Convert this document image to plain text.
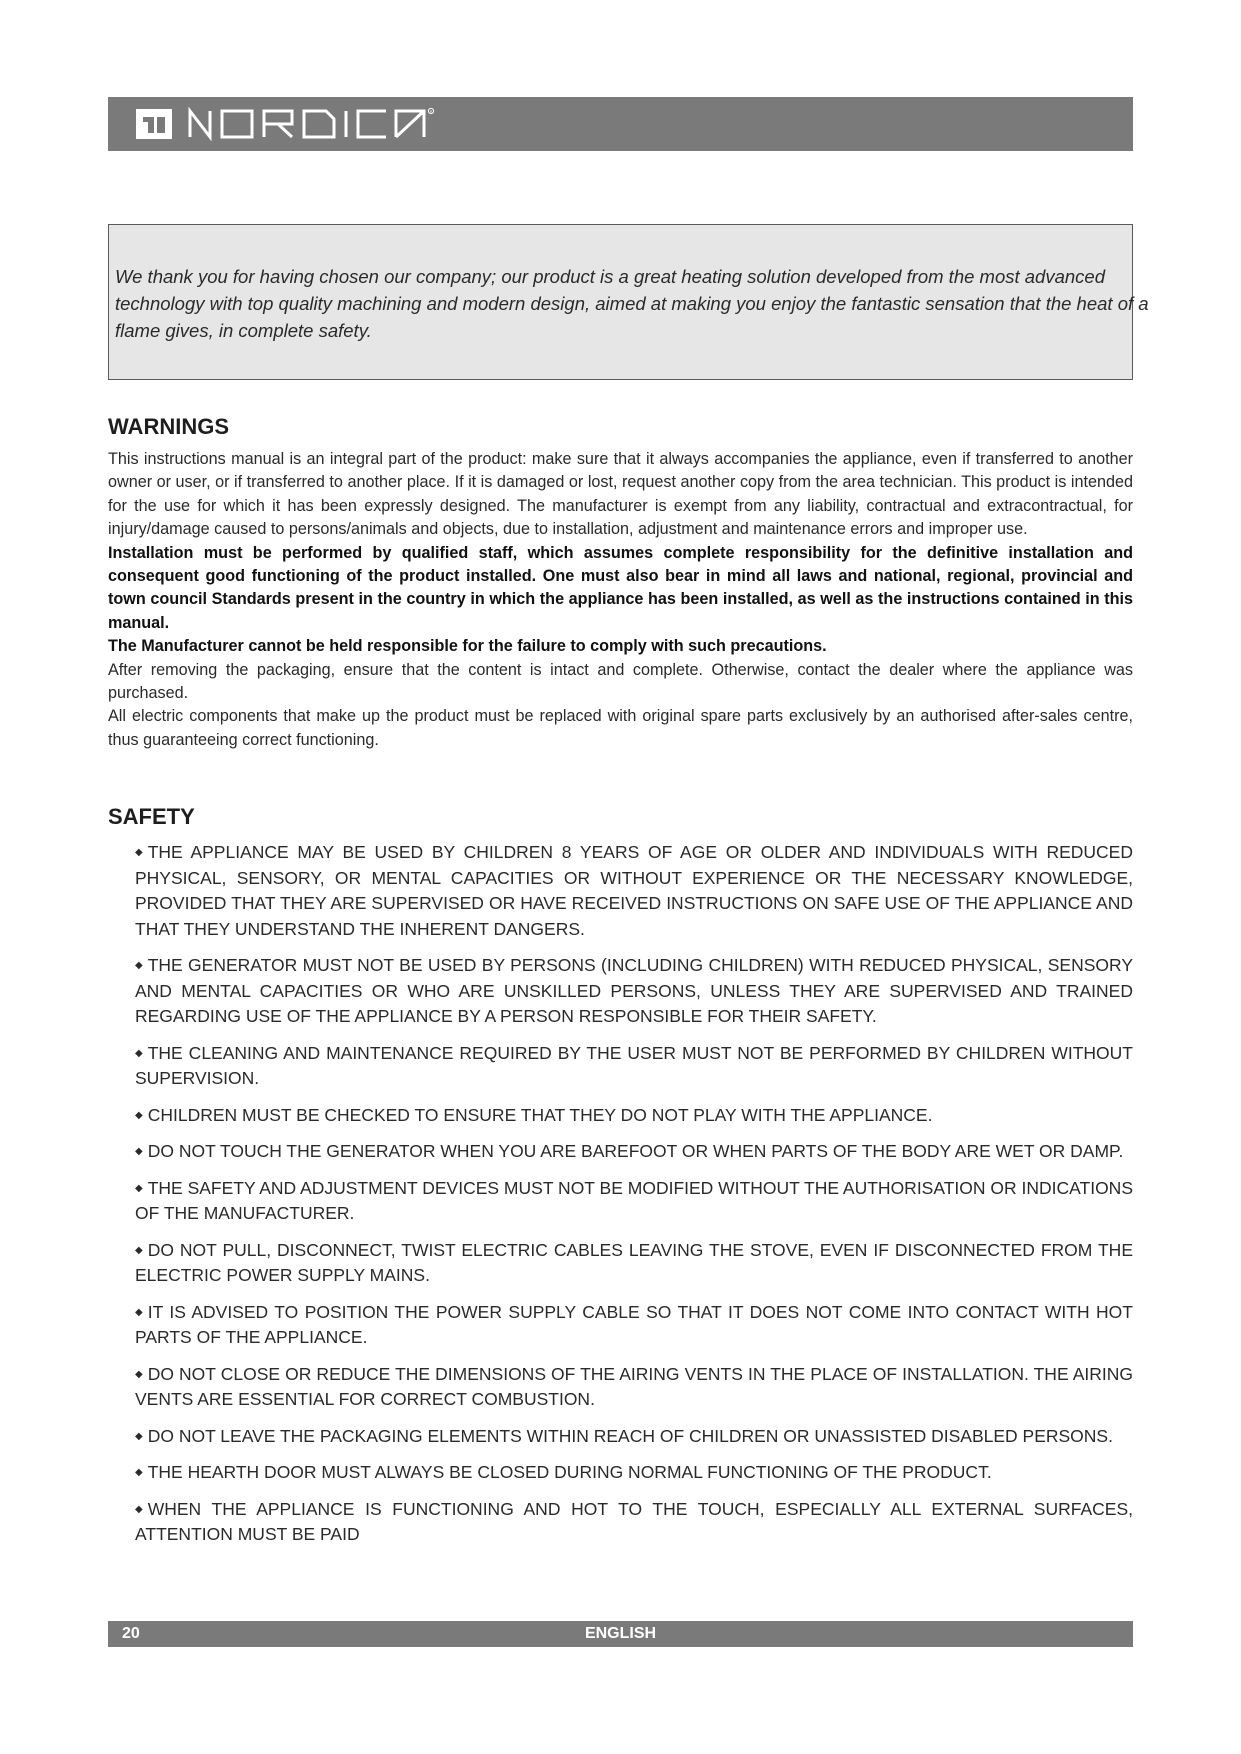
R

We thank you for having chosen our company; our product is a great heating solution developed from the most advanced technology with top quality machining and modern design, aimed at making you enjoy the fantastic sensation that the heat of a flame gives, in complete safety.

WARNINGS

This instructions manual is an integral part of the product: make sure that it always accompanies the appliance, even if transferred to another owner or user, or if transferred to another place. If it is damaged or lost, request another copy from the area technician. This product is intended for the use for which it has been expressly designed. The manufacturer is exempt from any liability, contractual and extracontractual, for injury/damage caused to persons/animals and objects, due to installation, adjustment and maintenance errors and improper use.

Installation must be performed by qualified staff, which assumes complete responsibility for the definitive installation and consequent good functioning of the product installed. One must also bear in mind all laws and national, regional, provincial and town council Standards present in the country in which the appliance has been installed, as well as the instructions contained in this manual.

The Manufacturer cannot be held responsible for the failure to comply with such precautions.

After removing the packaging, ensure that the content is intact and complete. Otherwise, contact the dealer where the appliance was purchased.

All electric components that make up the product must be replaced with original spare parts exclusively by an authorised after-sales centre, thus guaranteeing correct functioning.

SAFETY
◆ THE APPLIANCE MAY BE USED BY CHILDREN 8 YEARS OF AGE OR OLDER AND INDIVIDUALS WITH REDUCED PHYSICAL, SENSORY, OR MENTAL CAPACITIES OR WITHOUT EXPERIENCE OR THE NECESSARY KNOWLEDGE, PROVIDED THAT THEY ARE SUPERVISED OR HAVE RECEIVED INSTRUCTIONS ON SAFE USE OF THE APPLIANCE AND THAT THEY UNDERSTAND THE INHERENT DANGERS.
◆ THE GENERATOR MUST NOT BE USED BY PERSONS (INCLUDING CHILDREN) WITH REDUCED PHYSICAL, SENSORY AND MENTAL CAPACITIES OR WHO ARE UNSKILLED PERSONS, UNLESS THEY ARE SUPERVISED AND TRAINED REGARDING USE OF THE APPLIANCE BY A PERSON RESPONSIBLE FOR THEIR SAFETY.
◆ THE CLEANING AND MAINTENANCE REQUIRED BY THE USER MUST NOT BE PERFORMED BY CHILDREN WITHOUT SUPERVISION.
◆ CHILDREN MUST BE CHECKED TO ENSURE THAT THEY DO NOT PLAY WITH THE APPLIANCE.
◆ DO NOT TOUCH THE GENERATOR WHEN YOU ARE BAREFOOT OR WHEN PARTS OF THE BODY ARE WET OR DAMP.
◆ THE SAFETY AND ADJUSTMENT DEVICES MUST NOT BE MODIFIED WITHOUT THE AUTHORISATION OR INDICATIONS OF THE MANUFACTURER.
◆ DO NOT PULL, DISCONNECT, TWIST ELECTRIC CABLES LEAVING THE STOVE, EVEN IF DISCONNECTED FROM THE ELECTRIC POWER SUPPLY MAINS.
◆ IT IS ADVISED TO POSITION THE POWER SUPPLY CABLE SO THAT IT DOES NOT COME INTO CONTACT WITH HOT PARTS OF THE APPLIANCE.
◆ DO NOT CLOSE OR REDUCE THE DIMENSIONS OF THE AIRING VENTS IN THE PLACE OF INSTALLATION. THE AIRING VENTS ARE ESSENTIAL FOR CORRECT COMBUSTION.
◆ DO NOT LEAVE THE PACKAGING ELEMENTS WITHIN REACH OF CHILDREN OR UNASSISTED DISABLED PERSONS.
◆ THE HEARTH DOOR MUST ALWAYS BE CLOSED DURING NORMAL FUNCTIONING OF THE PRODUCT.
◆ WHEN THE APPLIANCE IS FUNCTIONING AND HOT TO THE TOUCH, ESPECIALLY ALL EXTERNAL SURFACES, ATTENTION MUST BE PAID
ENGLISH
20
